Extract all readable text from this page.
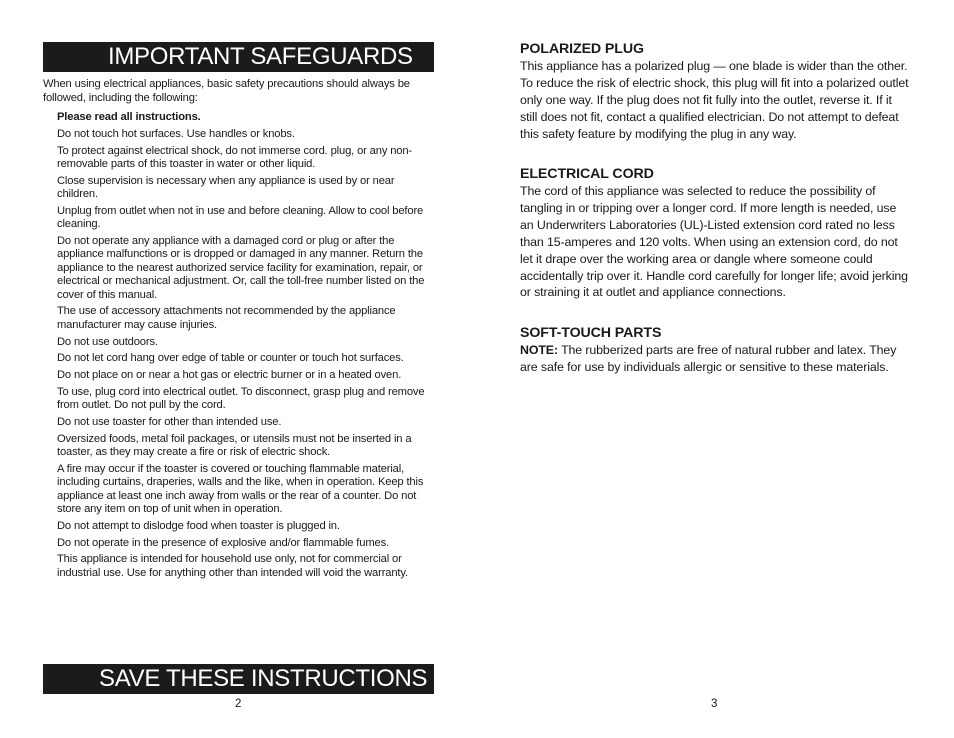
IMPORTANT SAFEGUARDS
When using electrical appliances, basic safety precautions should always be followed, including the following:
Please read all instructions.
Do not touch hot surfaces. Use handles or knobs.
To protect against electrical shock, do not immerse cord. plug, or any non-removable parts of this toaster in water or other liquid.
Close supervision is necessary when any appliance is used by or near children.
Unplug from outlet when not in use and before cleaning. Allow to cool before cleaning.
Do not operate any appliance with a damaged cord or plug or after the appliance malfunctions or is dropped or damaged in any manner. Return the appliance to the nearest authorized service facility for examination, repair, or electrical or mechanical adjustment. Or, call the toll-free number listed on the cover of this manual.
The use of accessory attachments not recommended by the appliance manufacturer may cause injuries.
Do not use outdoors.
Do not let cord hang over edge of table or counter or touch hot surfaces.
Do not place on or near a hot gas or electric burner or in a heated oven.
To use, plug cord into electrical outlet. To disconnect, grasp plug and remove from outlet. Do not pull by the cord.
Do not use toaster for other than intended use.
Oversized foods, metal foil packages, or utensils must not be inserted in a toaster, as they may create a fire or risk of electric shock.
A fire may occur if the toaster is covered or touching flammable material, including curtains, draperies, walls and the like, when in operation. Keep this appliance at least one inch away from walls or the rear of a counter. Do not store any item on top of unit when in operation.
Do not attempt to dislodge food when toaster is plugged in.
Do not operate in the presence of explosive and/or flammable fumes.
This appliance is intended for household use only, not for commercial or industrial use. Use for anything other than intended will void the warranty.
SAVE THESE INSTRUCTIONS
2
POLARIZED PLUG

This appliance has a polarized plug — one blade is wider than the other. To reduce the risk of electric shock, this plug will fit into a polarized outlet only one way. If the plug does not fit fully into the outlet, reverse it. If it still does not fit, contact a qualified electrician. Do not attempt to defeat this safety feature by modifying the plug in any way.

ELECTRICAL CORD

The cord of this appliance was selected to reduce the possibility of tangling in or tripping over a longer cord. If more length is needed, use an Underwriters Laboratories (UL)-Listed extension cord rated no less than 15-amperes and 120 volts. When using an extension cord, do not let it drape over the working area or dangle where someone could accidentally trip over it. Handle cord carefully for longer life; avoid jerking or straining it at outlet and appliance connections.

SOFT-TOUCH PARTS

NOTE: The rubberized parts are free of natural rubber and latex. They are safe for use by individuals allergic or sensitive to these materials.

3
